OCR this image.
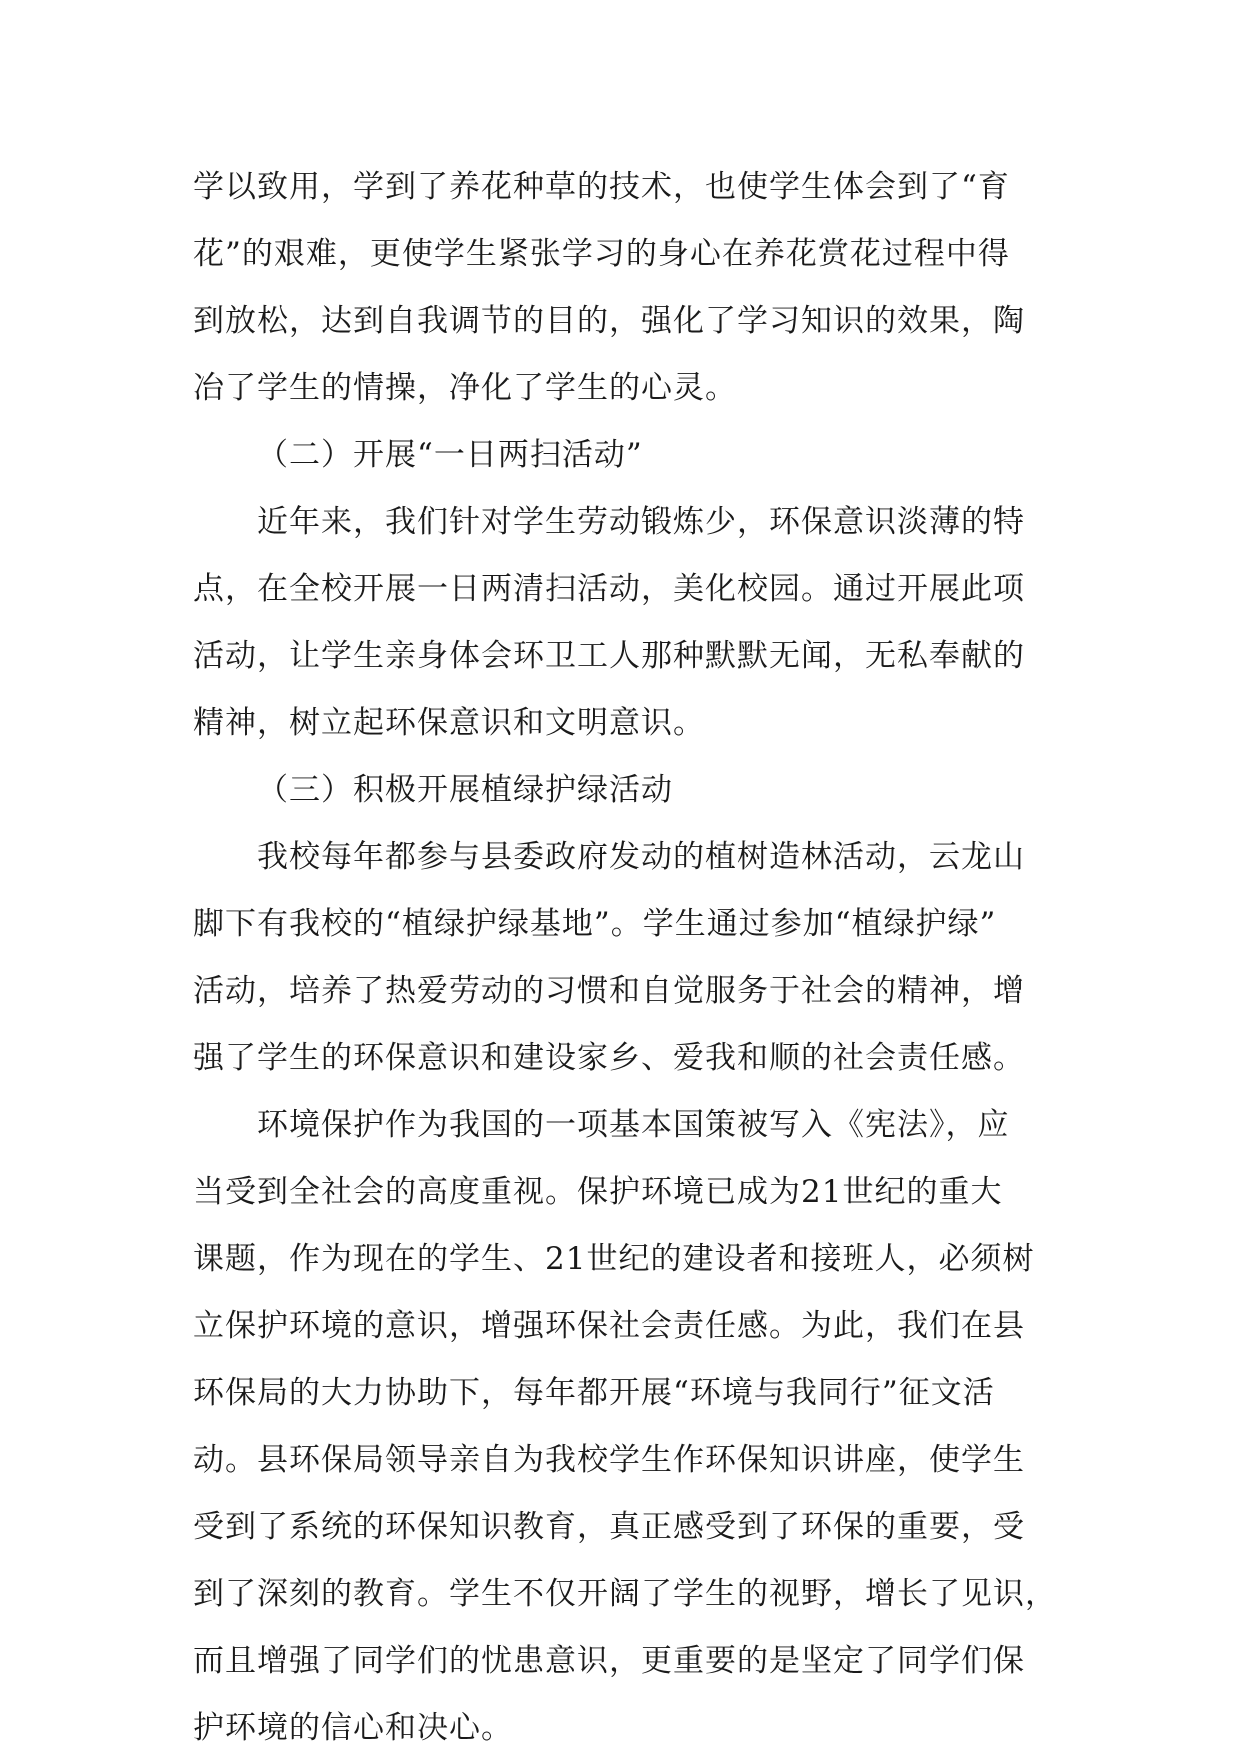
学以致用，学到了养花种草的技术，也使学生体会到了“育
花”的艰难，更使学生紧张学习的身心在养花赏花过程中得
到放松，达到自我调节的目的，强化了学习知识的效果，陶
冶了学生的情操，净化了学生的心灵。
（二）开展“一日两扫活动”
近年来，我们针对学生劳动锻炼少，环保意识淡薄的特
点，在全校开展一日两清扫活动，美化校园。通过开展此项
活动，让学生亲身体会环卫工人那种默默无闻，无私奉献的
精神，树立起环保意识和文明意识。
（三）积极开展植绿护绿活动
我校每年都参与县委政府发动的植树造林活动，云龙山
脚下有我校的“植绿护绿基地”。学生通过参加“植绿护绿”
活动，培养了热爱劳动的习惯和自觉服务于社会的精神，增
强了学生的环保意识和建设家乡、爱我和顺的社会责任感。
环境保护作为我国的一项基本国策被写入《宪法》，应
当受到全社会的高度重视。保护环境已成为21世纪的重大
课题，作为现在的学生、21世纪的建设者和接班人，必须树
立保护环境的意识，增强环保社会责任感。为此，我们在县
环保局的大力协助下，每年都开展“环境与我同行”征文活
动。县环保局领导亲自为我校学生作环保知识讲座，使学生
受到了系统的环保知识教育，真正感受到了环保的重要，受
到了深刻的教育。学生不仅开阔了学生的视野，增长了见识，
而且增强了同学们的忧患意识，更重要的是坚定了同学们保
护环境的信心和决心。
